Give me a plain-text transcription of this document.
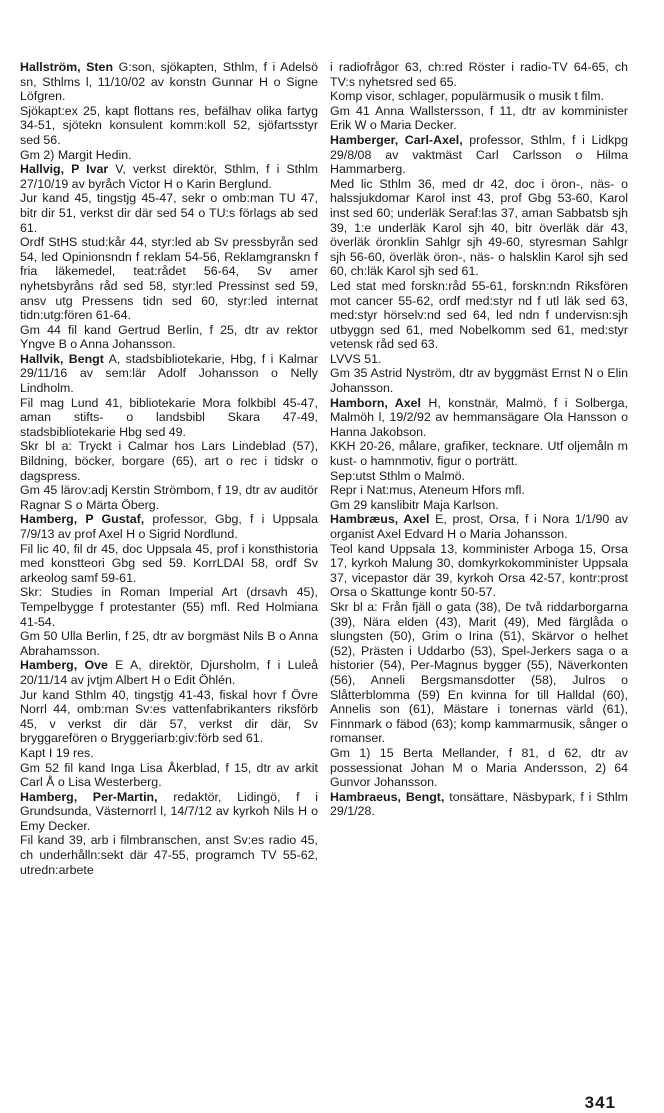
Hallström, Sten G:son, sjökapten, Sthlm, f i Adelsö sn, Sthlms l, 11/10/02 av konstn Gunnar H o Signe Löfgren.
Sjökapt:ex 25, kapt flottans res, befälhav olika fartyg 34-51, sjötekn konsulent komm:koll 52, sjöfartsstyr sed 56.
Gm 2) Margit Hedin.
Hallvig, P Ivar V, verkst direktör, Sthlm, f i Sthlm 27/10/19 av byråch Victor H o Karin Berglund.
Jur kand 45, tingstjg 45-47, sekr o omb:man TU 47, bitr dir 51, verkst dir där sed 54 o TU:s förlags ab sed 61.
Ordf StHS stud:kår 44, styr:led ab Sv pressbyrån sed 54, led Opinionsndn f reklam 54-56, Reklamgranskn f fria läkemedel, teat:rådet 56-64, Sv amer nyhetsbyråns råd sed 58, styr:led Pressinst sed 59, ansv utg Pressens tidn sed 60, styr:led internat tidn:utg:fören 61-64.
Gm 44 fil kand Gertrud Berlin, f 25, dtr av rektor Yngve B o Anna Johansson.
Hallvik, Bengt A, stadsbibliotekarie, Hbg, f i Kalmar 29/11/16 av sem:lär Adolf Johansson o Nelly Lindholm.
Fil mag Lund 41, bibliotekarie Mora folkbibl 45-47, aman stifts- o landsbibl Skara 47-49, stadsbibliotekarie Hbg sed 49.
Skr bl a: Tryckt i Calmar hos Lars Lindeblad (57), Bildning, böcker, borgare (65), art o rec i tidskr o dagspress.
Gm 45 lärov:adj Kerstin Strömbom, f 19, dtr av auditör Ragnar S o Märta Öberg.
Hamberg, P Gustaf, professor, Gbg, f i Uppsala 7/9/13 av prof Axel H o Sigrid Nordlund.
Fil lic 40, fil dr 45, doc Uppsala 45, prof i konsthistoria med konstteori Gbg sed 59. KorrLDAI 58, ordf Sv arkeolog samf 59-61.
Skr: Studies in Roman Imperial Art (drsavh 45), Tempelbygge f protestanter (55) mfl. Red Holmiana 41-54.
Gm 50 Ulla Berlin, f 25, dtr av borgmäst Nils B o Anna Abrahamsson.
Hamberg, Ove E A, direktör, Djursholm, f i Luleå 20/11/14 av jvtjm Albert H o Edit Öhlén.
Jur kand Sthlm 40, tingstjg 41-43, fiskal hovr f Övre Norrl 44, omb:man Sv:es vattenfabrikanters riksförb 45, v verkst dir där 57, verkst dir där, Sv bryggarefören o Bryggeriarb:giv:förb sed 61.
Kapt I 19 res.
Gm 52 fil kand Inga Lisa Åkerblad, f 15, dtr av arkit Carl Å o Lisa Westerberg.
Hamberg, Per-Martin, redaktör, Lidingö, f i Grundsunda, Västernorrl l, 14/7/12 av kyrkoh Nils H o Emy Decker.
Fil kand 39, arb i filmbranschen, anst Sv:es radio 45, ch underhålln:sekt där 47-55, programch TV 55-62, utredn:arbete
i radiofrågor 63, ch:red Röster i radio-TV 64-65, ch TV:s nyhetsred sed 65.
Komp visor, schlager, populärmusik o musik t film.
Gm 41 Anna Wallstersson, f 11, dtr av komminister Erik W o Maria Decker.
Hamberger, Carl-Axel, professor, Sthlm, f i Lidkpg 29/8/08 av vaktmäst Carl Carlsson o Hilma Hammarberg.
Med lic Sthlm 36, med dr 42, doc i öron-, näs- o halssjukdomar Karol inst 43, prof Gbg 53-60, Karol inst sed 60; underläk Seraf:las 37, aman Sabbatsb sjh 39, 1:e underläk Karol sjh 40, bitr överläk där 43, överläk öronklin Sahlgr sjh 49-60, styresman Sahlgr sjh 56-60, överläk öron-, näs- o halsklin Karol sjh sed 60, ch:läk Karol sjh sed 61.
Led stat med forskn:råd 55-61, forskn:ndn Riksfören mot cancer 55-62, ordf med:styr nd f utl läk sed 63, med:styr hörselv:nd sed 64, led ndn f undervisn:sjh utbyggn sed 61, med Nobelkomm sed 61, med:styr vetensk råd sed 63.
LVVS 51.
Gm 35 Astrid Nyström, dtr av byggmäst Ernst N o Elin Johansson.
Hamborn, Axel H, konstnär, Malmö, f i Solberga, Malmöh l, 19/2/92 av hemmansägare Ola Hansson o Hanna Jakobson.
KKH 20-26, målare, grafiker, tecknare. Utf oljemåln m kust- o hamnmotiv, figur o porträtt.
Sep:utst Sthlm o Malmö.
Repr i Nat:mus, Ateneum Hfors mfl.
Gm 29 kanslibitr Maja Karlson.
Hambræus, Axel E, prost, Orsa, f i Nora 1/1/90 av organist Axel Edvard H o Maria Johansson.
Teol kand Uppsala 13, komminister Arboga 15, Orsa 17, kyrkoh Malung 30, domkyrkokomminister Uppsala 37, vicepastor där 39, kyrkoh Orsa 42-57, kontr:prost Orsa o Skattunge kontr 50-57.
Skr bl a: Från fjäll o gata (38), De två riddarborgarna (39), Nära elden (43), Marit (49), Med färglåda o slungsten (50), Grim o Irina (51), Skärvor o helhet (52), Prästen i Uddarbo (53), Spel-Jerkers saga o a historier (54), Per-Magnus bygger (55), Näverkonten (56), Anneli Bergsmansdotter (58), Julros o Slåtterblomma (59) En kvinna for till Halldal (60), Annelis son (61), Mästare i tonernas värld (61), Finnmark o fäbod (63); komp kammarmusik, sånger o romanser.
Gm 1) 15 Berta Mellander, f 81, d 62, dtr av possessionat Johan M o Maria Andersson, 2) 64 Gunvor Johansson.
Hambraeus, Bengt, tonsättare, Näsbypark, f i Sthlm 29/1/28.
341
